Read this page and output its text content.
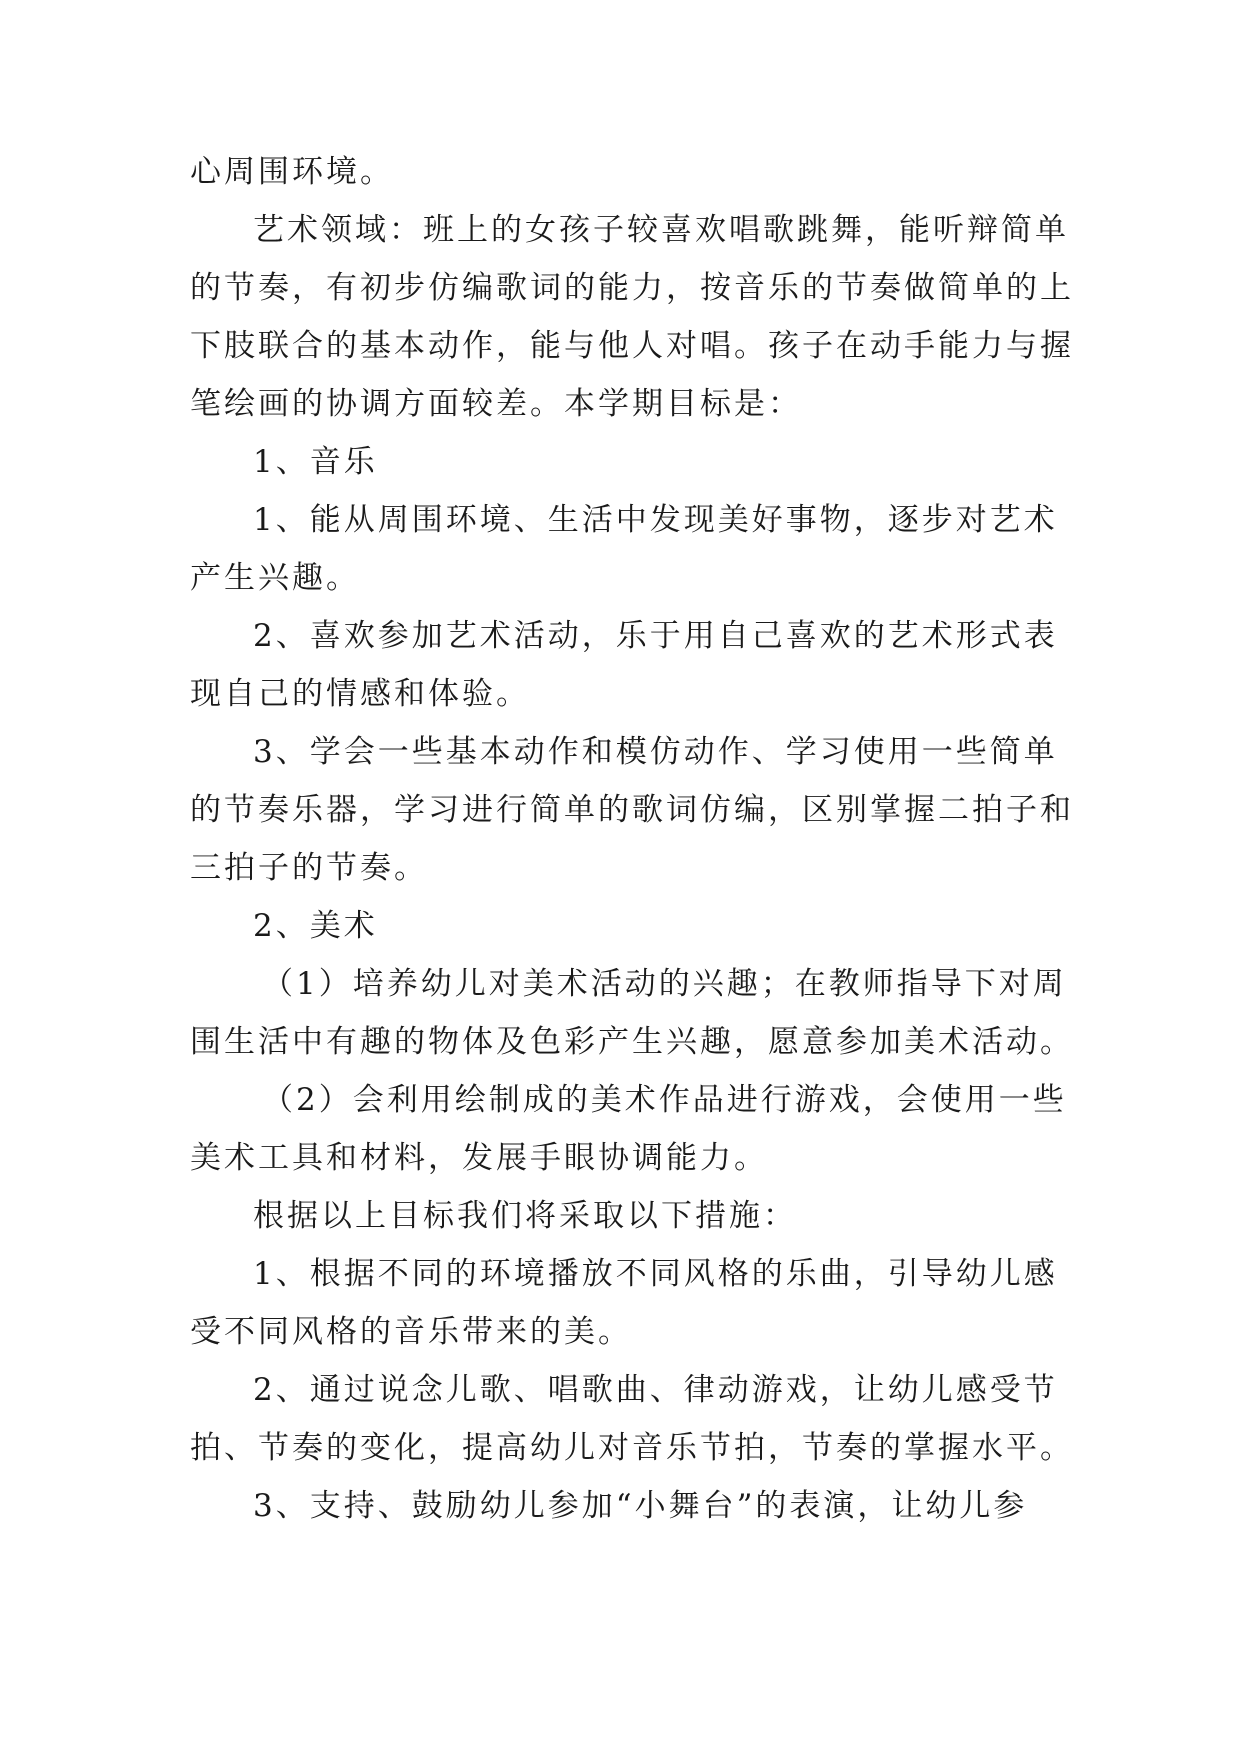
心周围环境。
艺术领域：班上的女孩子较喜欢唱歌跳舞，能听辩简单
的节奏，有初步仿编歌词的能力，按音乐的节奏做简单的上
下肢联合的基本动作，能与他人对唱。孩子在动手能力与握
笔绘画的协调方面较差。本学期目标是：
1、音乐
1、能从周围环境、生活中发现美好事物，逐步对艺术
产生兴趣。
2、喜欢参加艺术活动，乐于用自己喜欢的艺术形式表
现自己的情感和体验。
3、学会一些基本动作和模仿动作、学习使用一些简单
的节奏乐器，学习进行简单的歌词仿编，区别掌握二拍子和
三拍子的节奏。
2、美术
（1）培养幼儿对美术活动的兴趣；在教师指导下对周
围生活中有趣的物体及色彩产生兴趣，愿意参加美术活动。
（2）会利用绘制成的美术作品进行游戏，会使用一些
美术工具和材料，发展手眼协调能力。
根据以上目标我们将采取以下措施：
1、根据不同的环境播放不同风格的乐曲，引导幼儿感
受不同风格的音乐带来的美。
2、通过说念儿歌、唱歌曲、律动游戏，让幼儿感受节
拍、节奏的变化，提高幼儿对音乐节拍，节奏的掌握水平。
3、支持、鼓励幼儿参加“小舞台”的表演，让幼儿参
